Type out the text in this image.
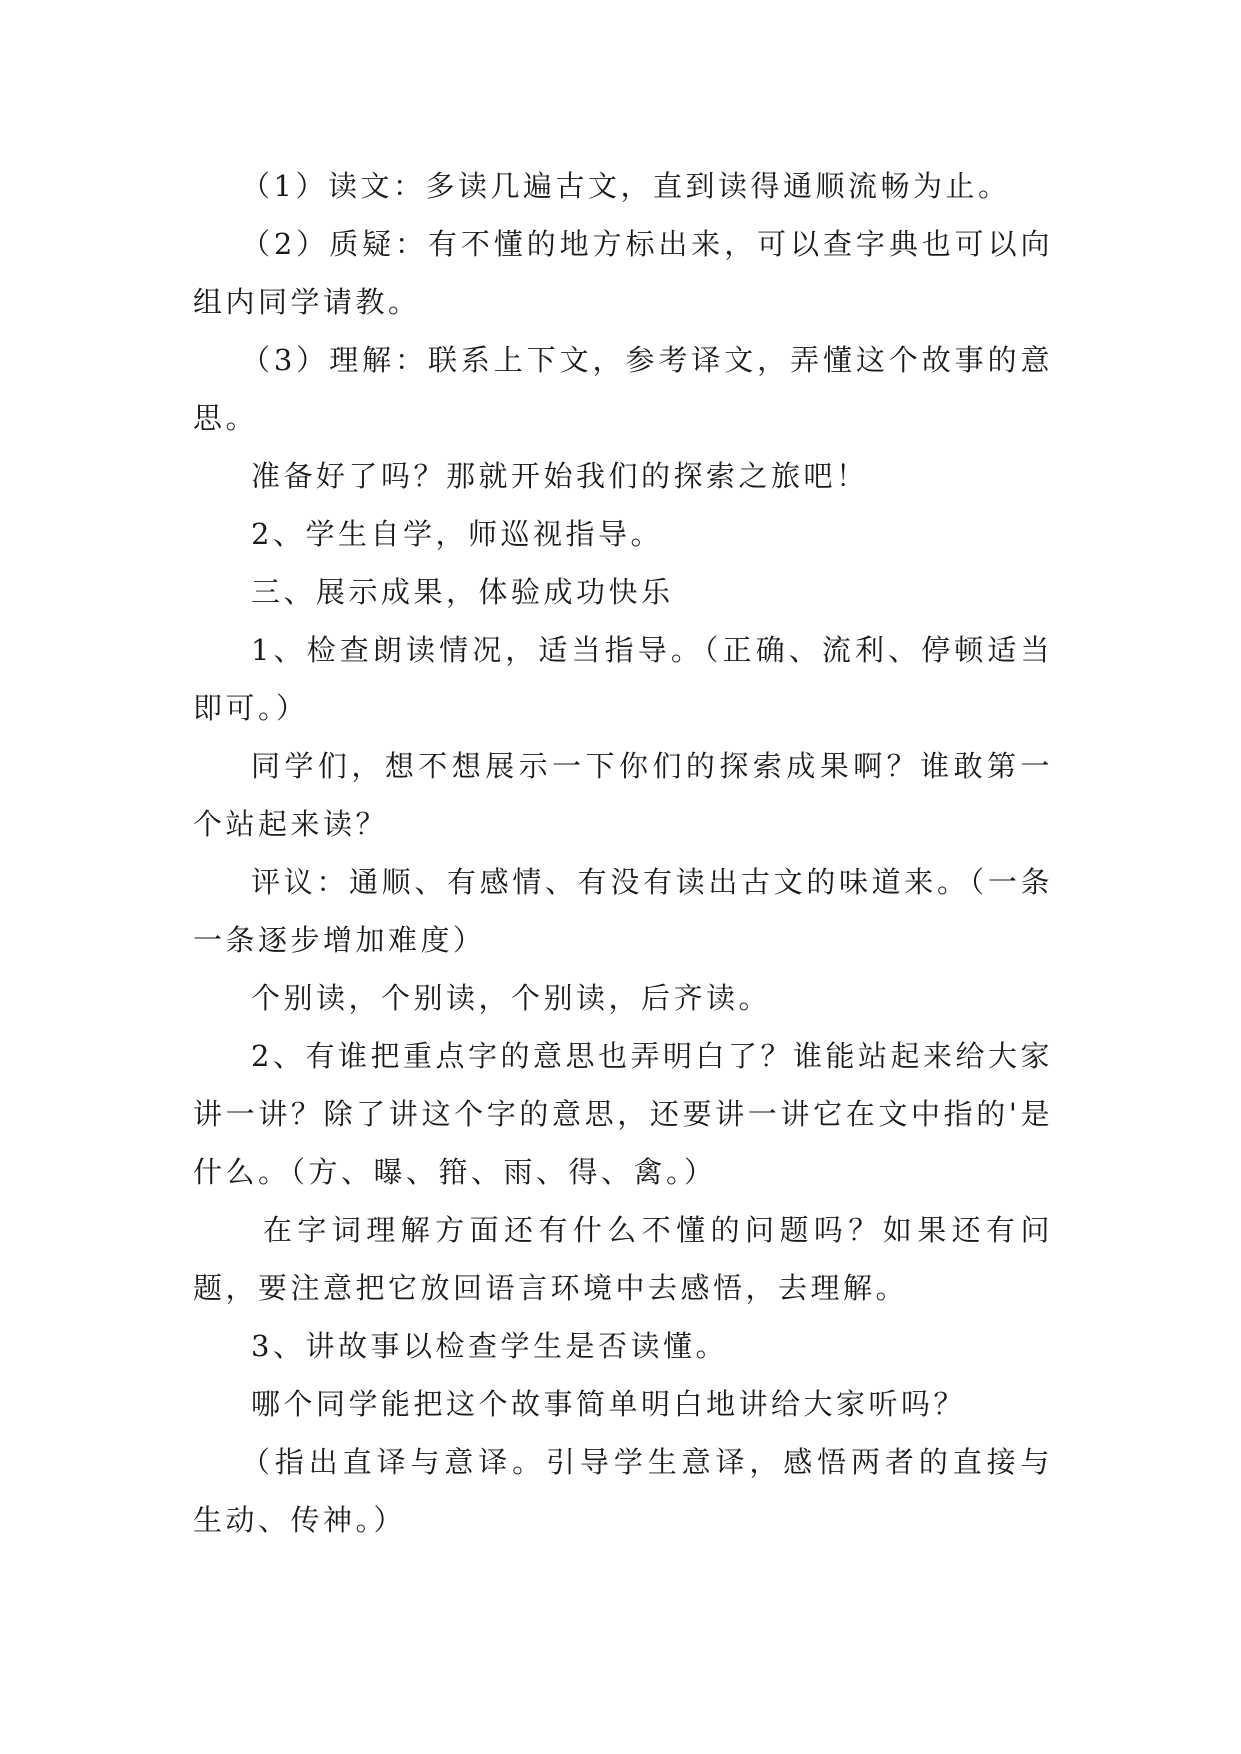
（1）读文：多读几遍古文，直到读得通顺流畅为止。

（2）质疑：有不懂的地方标出来，可以查字典也可以向组内同学请教。

（3）理解：联系上下文，参考译文，弄懂这个故事的意思。

准备好了吗？那就开始我们的探索之旅吧！

2、学生自学，师巡视指导。

三、展示成果，体验成功快乐

1、检查朗读情况，适当指导。（正确、流利、停顿适当即可。）

同学们，想不想展示一下你们的探索成果啊？谁敢第一个站起来读？

评议：通顺、有感情、有没有读出古文的味道来。（一条一条逐步增加难度）

个别读，个别读，个别读，后齐读。

2、有谁把重点字的意思也弄明白了？谁能站起来给大家讲一讲？除了讲这个字的意思，还要讲一讲它在文中指的'是什么。（方、曝、箝、雨、得、禽。）

在字词理解方面还有什么不懂的问题吗？如果还有问题，要注意把它放回语言环境中去感悟，去理解。

3、讲故事以检查学生是否读懂。

哪个同学能把这个故事简单明白地讲给大家听吗？

（指出直译与意译。引导学生意译，感悟两者的直接与生动、传神。）
